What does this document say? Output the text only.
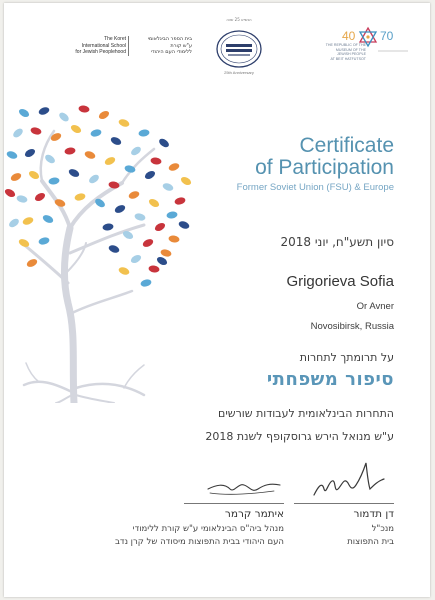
The Koret
International School
for Jewish Peoplehood
בית הספר הבינלאומי
ע"ש קורת
ללימודי העם היהודי
הנשיא 25 שנה
25th Anniversary
40 70
THE REPUBLIC OF THE
MUSEUM OF THE JEWISH PEOPLE
AT BEIT HATFUTSOT
Certificate
of Participation
Former Soviet Union (FSU) & Europe
סיון תשע"ח, יוני 2018
Grigorieva Sofia
Or Avner
Novosibirsk, Russia
על תרומתך לתחרות
סיפור משפחתי
התחרות הבינלאומית לעבודות שורשים
ע"ש מנואל הירש גרוסקופף לשנת 2018
דן תדמור
מנכ"ל
בית התפוצות
איתמר קרמר
מנהל ביה"ס הבינלאומי ע"ש קורת ללימודי
העם היהודי בבית התפוצות מיסודה של קרן נדב
